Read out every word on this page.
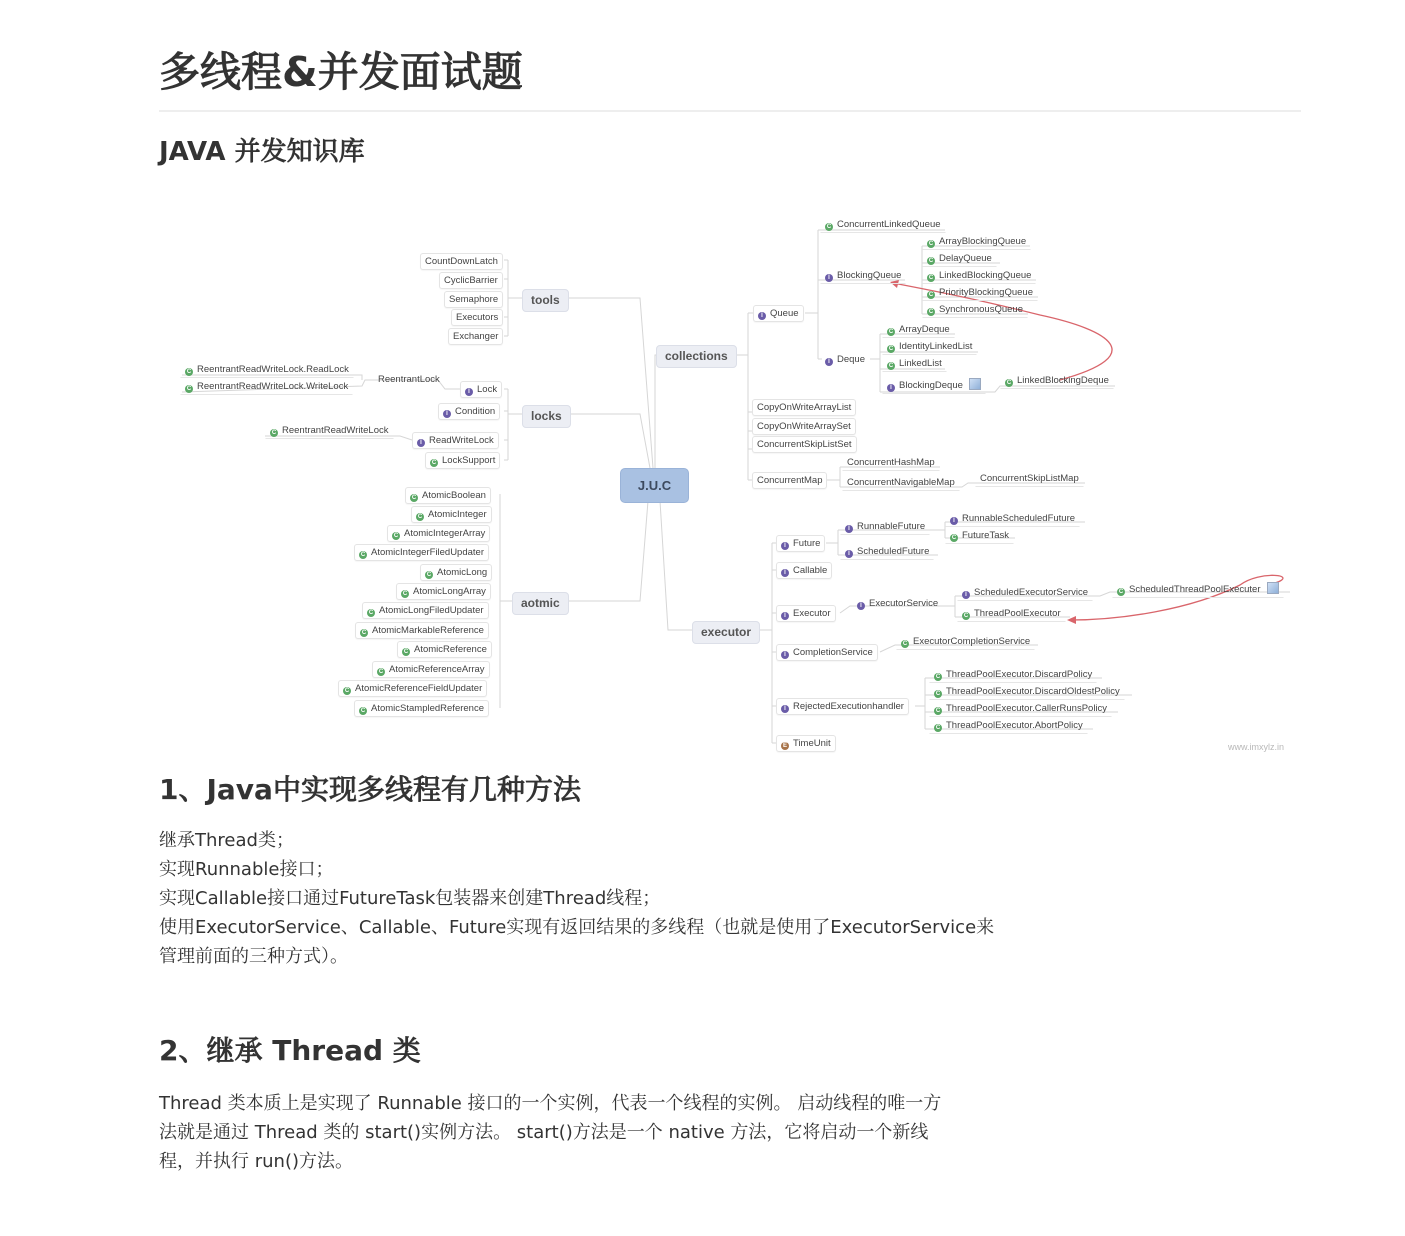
多线程&并发面试题
JAVA 并发知识库
J.U.C
tools
CountDownLatch
CyclicBarrier
Semaphore
Executors
Exchanger
locks
C ReentrantReadWriteLock.ReadLock
C ReentrantReadWriteLock.WriteLock
ReentrantLock
I Lock
I Condition
C ReentrantReadWriteLock
I ReadWriteLock
C LockSupport
aotmic
C AtomicBoolean
C AtomicInteger
C AtomicIntegerArray
C AtomicIntegerFiledUpdater
C AtomicLong
C AtomicLongArray
C AtomicLongFiledUpdater
C AtomicMarkableReference
C AtomicReference
C AtomicReferenceArray
C AtomicReferenceFieldUpdater
C AtomicStampledReference
collections
I Queue
C ConcurrentLinkedQueue
I BlockingQueue
C ArrayBlockingQueue
C DelayQueue
C LinkedBlockingQueue
C PriorityBlockingQueue
C SynchronousQueue
I Deque
C ArrayDeque
C IdentityLinkedList
C LinkedList
I BlockingDeque	C LinkedBlockingDeque
CopyOnWriteArrayList
CopyOnWriteArraySet
ConcurrentSkipListSet
ConcurrentMap
ConcurrentHashMap
ConcurrentNavigableMap	ConcurrentSkipListMap
executor
I Future
I RunnableFuture	I RunnableScheduledFuture
C FutureTask
I ScheduledFuture
I Callable
I Executor
I ExecutorService
I ScheduledExecutorService	C ScheduledThreadPoolExecuter
C ThreadPoolExecutor
I CompletionService
C ExecutorCompletionService
I RejectedExecutionhandler
C ThreadPoolExecutor.DiscardPolicy
C ThreadPoolExecutor.DiscardOldestPolicy
C ThreadPoolExecutor.CallerRunsPolicy
C ThreadPoolExecutor.AbortPolicy
E TimeUnit	www.imxylz.in
1、Java中实现多线程有几种方法
继承Thread类；
实现Runnable接口；
实现Callable接口通过FutureTask包装器来创建Thread线程；
使用ExecutorService、Callable、Future实现有返回结果的多线程（也就是使用了ExecutorService来
管理前面的三种方式）。
2、继承 Thread 类
Thread 类本质上是实现了 Runnable 接口的一个实例，代表一个线程的实例。 启动线程的唯一方
法就是通过 Thread 类的 start()实例方法。 start()方法是一个 native 方法，它将启动一个新线
程，并执行 run()方法。
